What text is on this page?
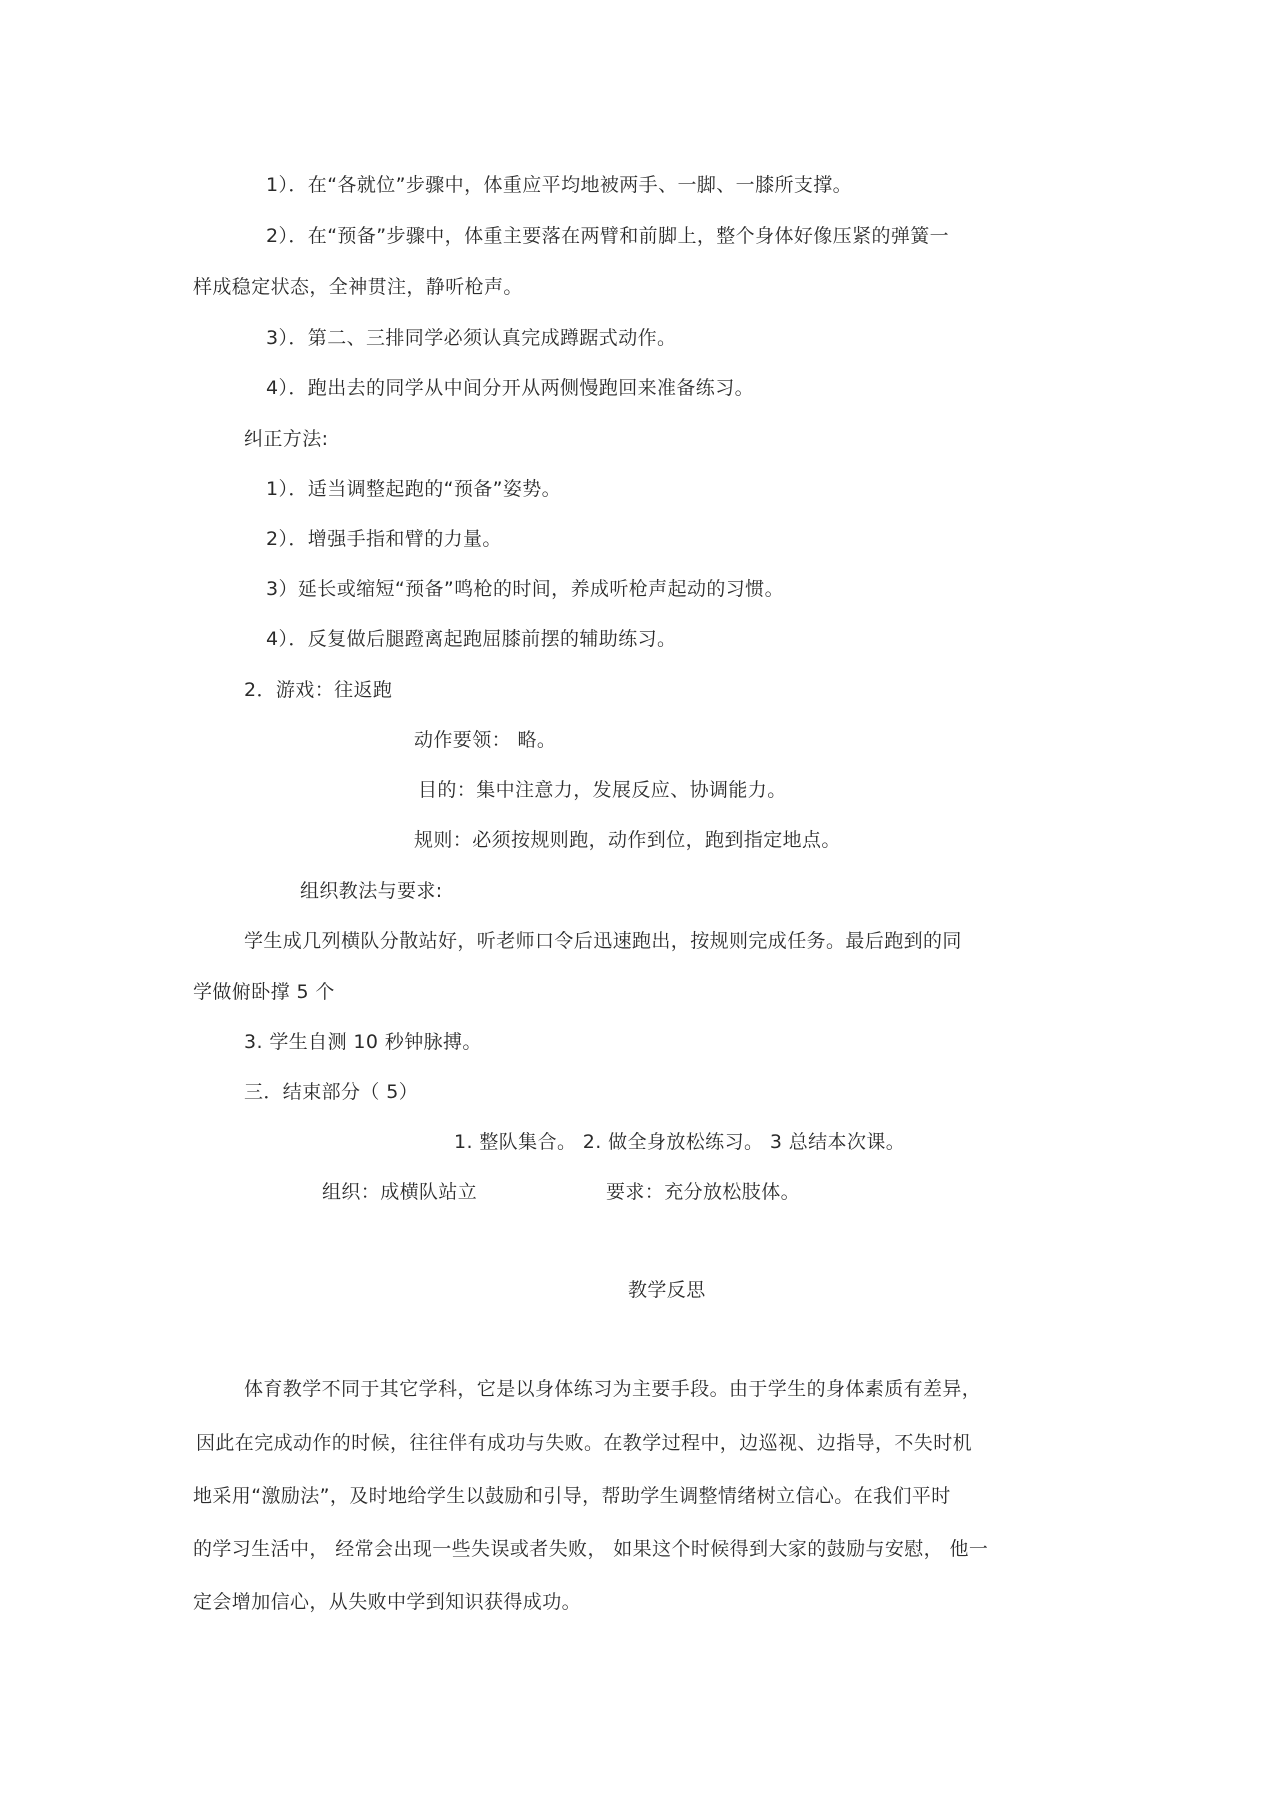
1）．在“各就位”步骤中，体重应平均地被两手、一脚、一膝所支撑。
2）．在“预备”步骤中，体重主要落在两臂和前脚上，整个身体好像压紧的弹簧一
样成稳定状态，全神贯注，静听枪声。
3）．第二、三排同学必须认真完成蹲踞式动作。
4）．跑出去的同学从中间分开从两侧慢跑回来准备练习。
纠正方法:
1）．适当调整起跑的“预备”姿势。
2）．增强手指和臂的力量。
3）延长或缩短“预备”鸣枪的时间，养成听枪声起动的习惯。
4）．反复做后腿蹬离起跑屈膝前摆的辅助练习。
2．游戏：往返跑
动作要领： 略。
目的：集中注意力，发展反应、协调能力。
规则：必须按规则跑，动作到位，跑到指定地点。
组织教法与要求:
学生成几列横队分散站好，听老师口令后迅速跑出，按规则完成任务。最后跑到的同
学做俯卧撑 5 个
3. 学生自测 10 秒钟脉搏。
三．结束部分（ 5）
1. 整队集合。 2. 做全身放松练习。 3 总结本次课。
组织：成横队站立	要求：充分放松肢体。
教学反思
体育教学不同于其它学科，它是以身体练习为主要手段。由于学生的身体素质有差异，
因此在完成动作的时候，往往伴有成功与失败。在教学过程中，边巡视、边指导，不失时机
地采用“激励法”，及时地给学生以鼓励和引导，帮助学生调整情绪树立信心。在我们平时
的学习生活中， 经常会出现一些失误或者失败， 如果这个时候得到大家的鼓励与安慰， 他一
定会增加信心，从失败中学到知识获得成功。
